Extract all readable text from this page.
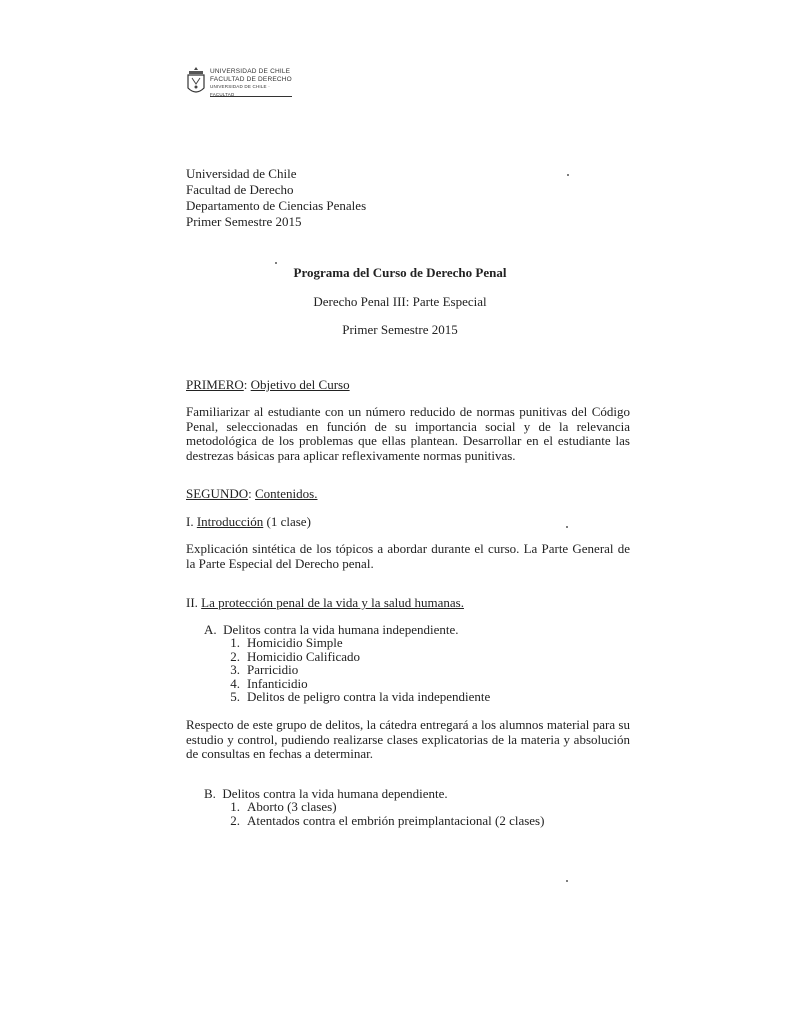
UNIVERSIDAD DE CHILE
FACULTAD DE DERECHO
UNIVERSIDAD DE CHILE · FACULTAD
Universidad de Chile
Facultad de Derecho
Departamento de Ciencias Penales
Primer Semestre 2015
Programa del Curso de Derecho Penal
Derecho Penal III: Parte Especial
Primer Semestre 2015
PRIMERO: Objetivo del Curso
Familiarizar al estudiante con un número reducido de normas punitivas del Código Penal, seleccionadas en función de su importancia social y de la relevancia metodológica de los problemas que ellas plantean. Desarrollar en el estudiante las destrezas básicas para aplicar reflexivamente normas punitivas.
SEGUNDO: Contenidos.
I. Introducción (1 clase)
Explicación sintética de los tópicos a abordar durante el curso. La Parte General de la Parte Especial del Derecho penal.
II. La protección penal de la vida y la salud humanas.
A. Delitos contra la vida humana independiente.
1. Homicidio Simple
2. Homicidio Calificado
3. Parricidio
4. Infanticidio
5. Delitos de peligro contra la vida independiente
Respecto de este grupo de delitos, la cátedra entregará a los alumnos material para su estudio y control, pudiendo realizarse clases explicatorias de la materia y absolución de consultas en fechas a determinar.
B. Delitos contra la vida humana dependiente.
1. Aborto (3 clases)
2. Atentados contra el embrión preimplantacional (2 clases)
